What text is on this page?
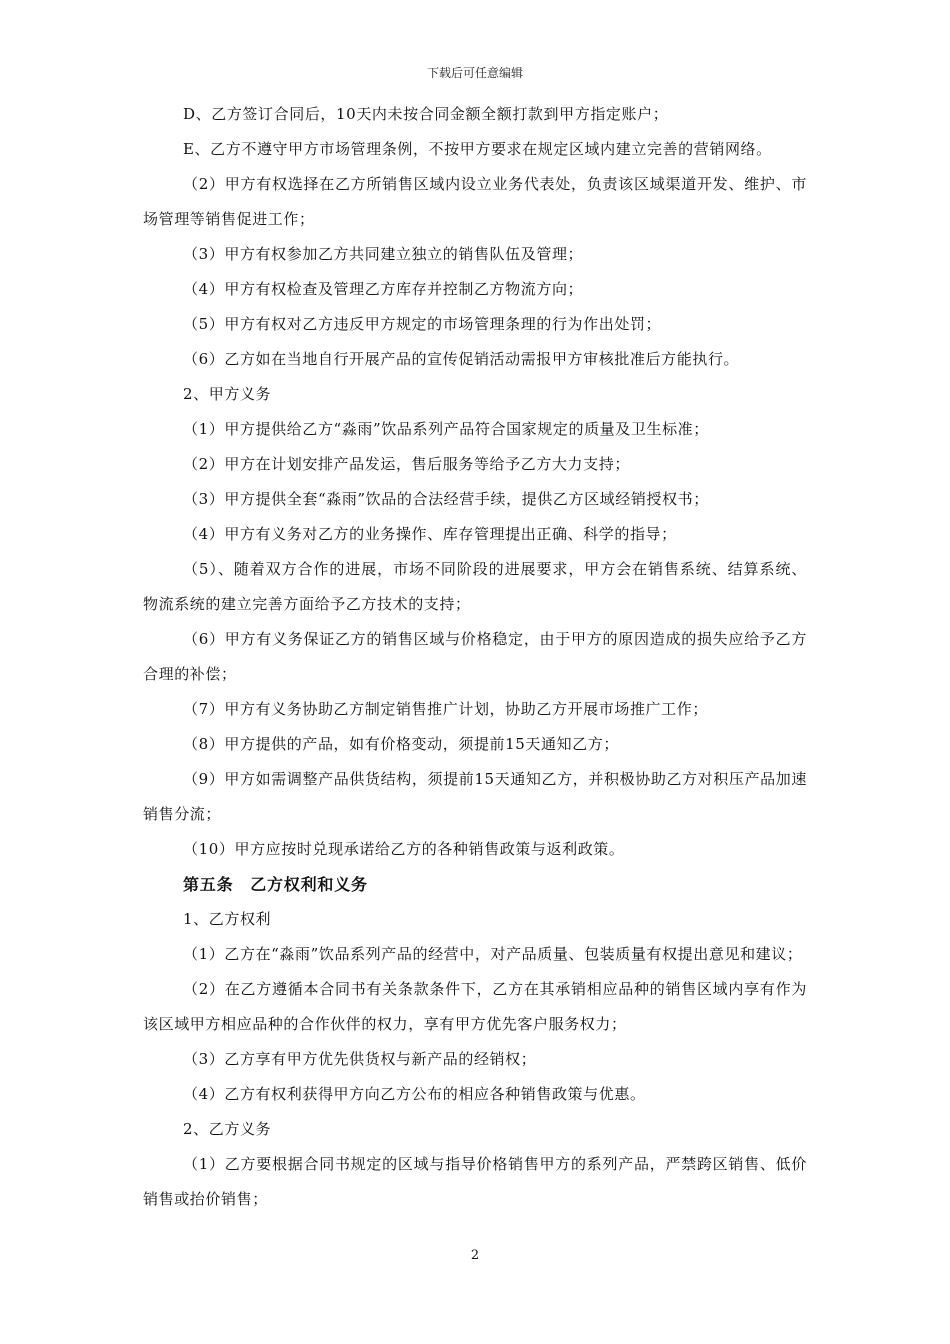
下载后可任意编辑

D、乙方签订合同后，10天内未按合同金额全额打款到甲方指定账户；

E、乙方不遵守甲方市场管理条例，不按甲方要求在规定区域内建立完善的营销网络。

（2）甲方有权选择在乙方所销售区域内设立业务代表处，负责该区域渠道开发、维护、市场管理等销售促进工作；

（3）甲方有权参加乙方共同建立独立的销售队伍及管理；

（4）甲方有权检查及管理乙方库存并控制乙方物流方向；

（5）甲方有权对乙方违反甲方规定的市场管理条理的行为作出处罚；

（6）乙方如在当地自行开展产品的宣传促销活动需报甲方审核批准后方能执行。

2、甲方义务

（1）甲方提供给乙方“淼雨”饮品系列产品符合国家规定的质量及卫生标准；

（2）甲方在计划安排产品发运，售后服务等给予乙方大力支持；

（3）甲方提供全套“淼雨”饮品的合法经营手续，提供乙方区域经销授权书；

（4）甲方有义务对乙方的业务操作、库存管理提出正确、科学的指导；

（5）、随着双方合作的进展，市场不同阶段的进展要求，甲方会在销售系统、结算系统、物流系统的建立完善方面给予乙方技术的支持；

（6）甲方有义务保证乙方的销售区域与价格稳定，由于甲方的原因造成的损失应给予乙方合理的补偿；

（7）甲方有义务协助乙方制定销售推广计划，协助乙方开展市场推广工作；

（8）甲方提供的产品，如有价格变动，须提前15天通知乙方；

（9）甲方如需调整产品供货结构，须提前15天通知乙方，并积极协助乙方对积压产品加速销售分流；

（10）甲方应按时兑现承诺给乙方的各种销售政策与返利政策。

第五条　乙方权利和义务

1、乙方权利

（1）乙方在“淼雨”饮品系列产品的经营中，对产品质量、包装质量有权提出意见和建议；

（2）在乙方遵循本合同书有关条款条件下，乙方在其承销相应品种的销售区域内享有作为该区域甲方相应品种的合作伙伴的权力，享有甲方优先客户服务权力；

（3）乙方享有甲方优先供货权与新产品的经销权；

（4）乙方有权利获得甲方向乙方公布的相应各种销售政策与优惠。

2、乙方义务

（1）乙方要根据合同书规定的区域与指导价格销售甲方的系列产品，严禁跨区销售、低价销售或抬价销售；

2
